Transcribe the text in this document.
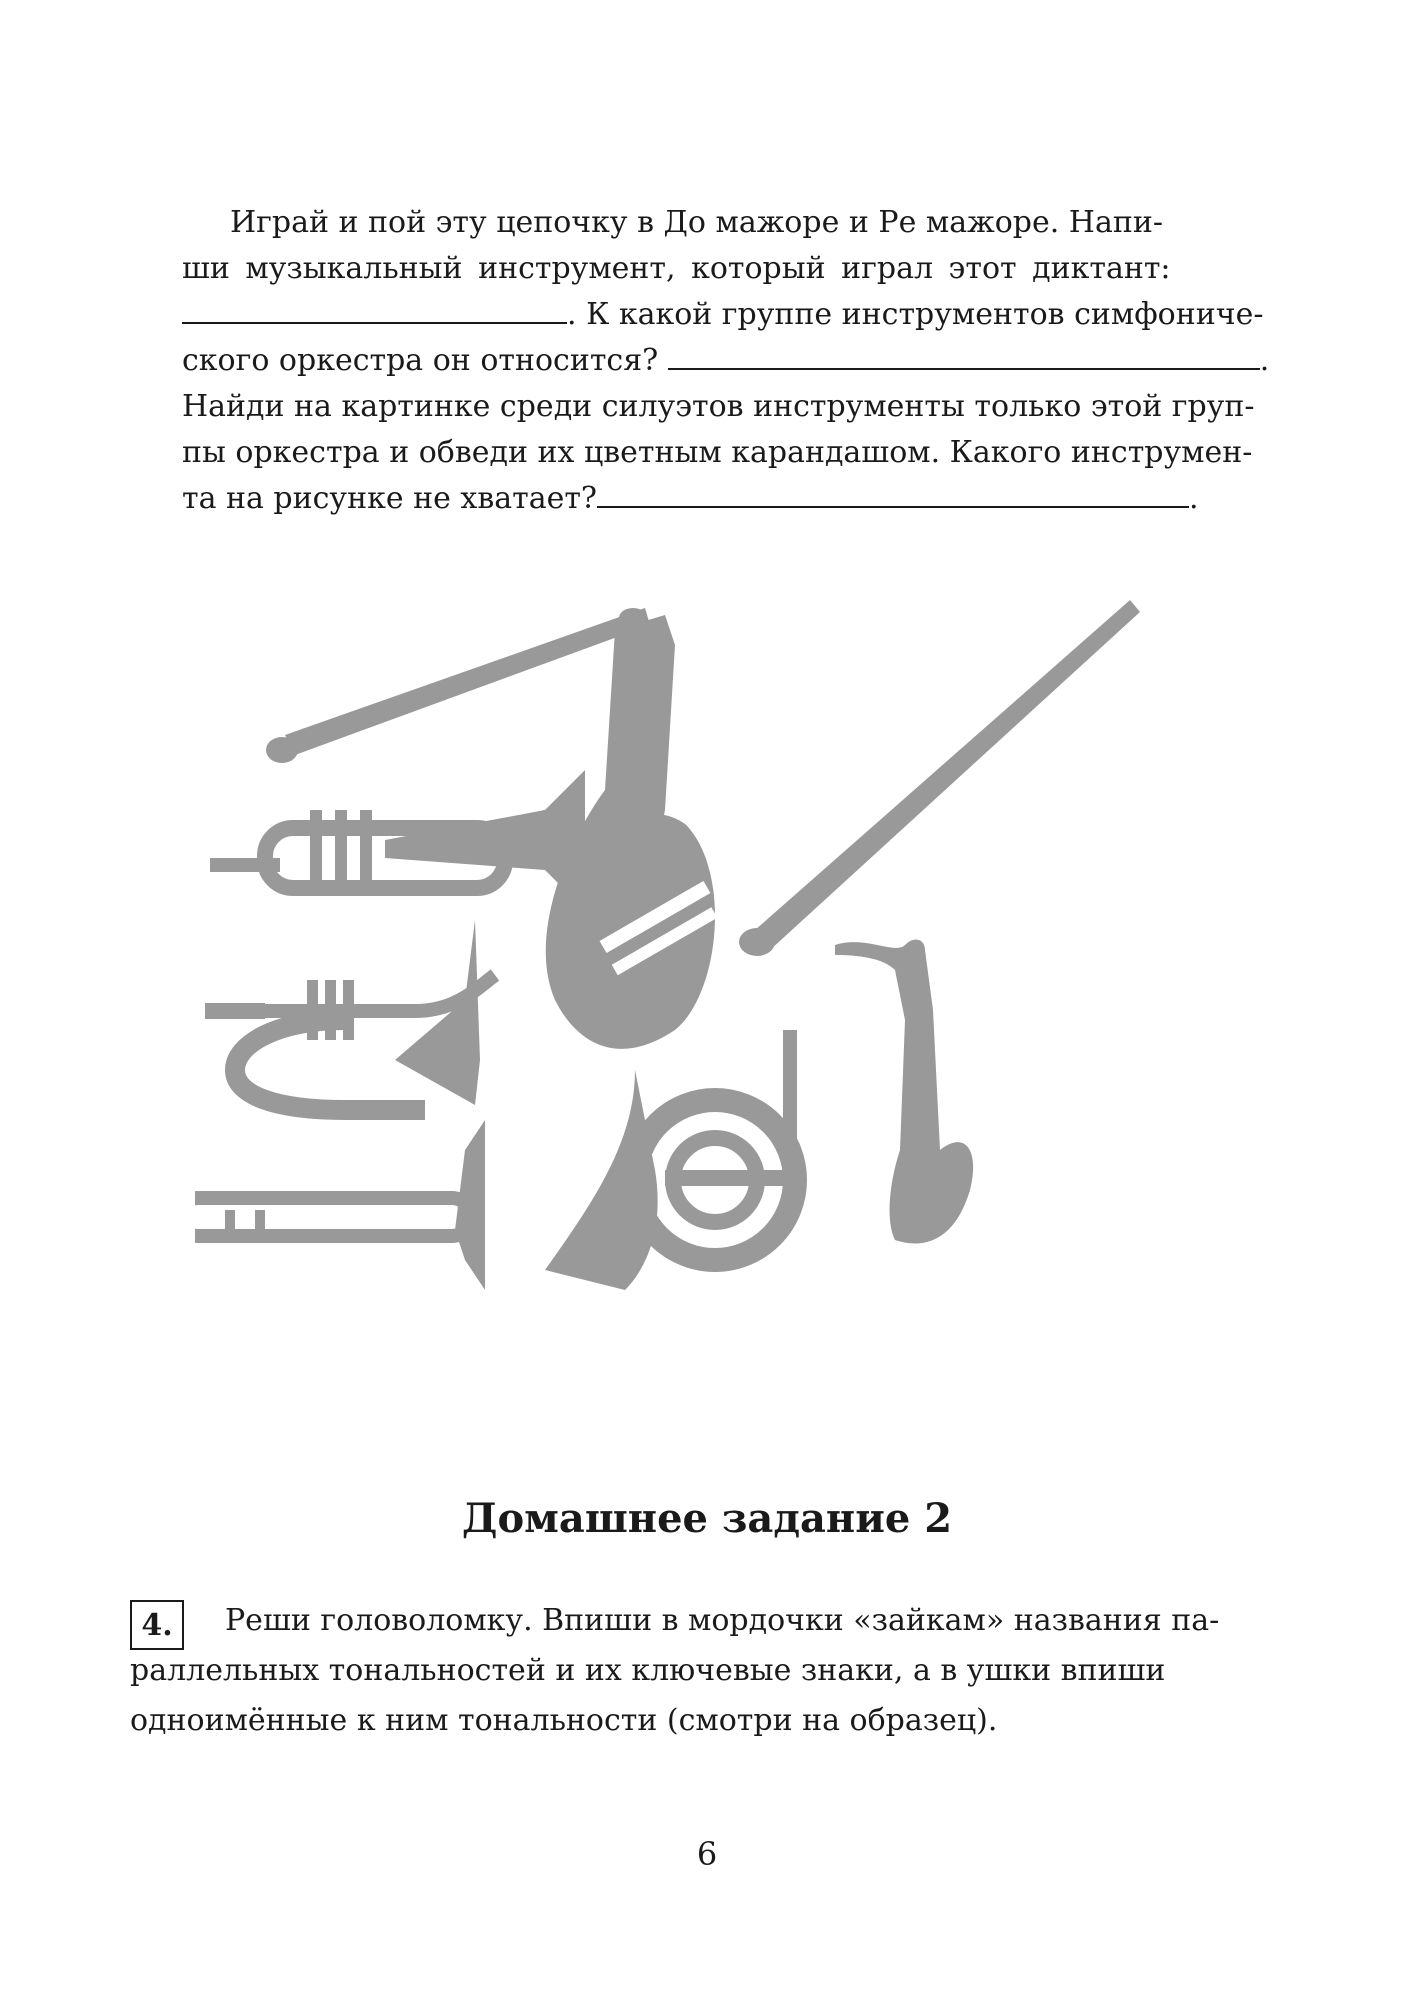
Играй и пой эту цепочку в До мажоре и Ре мажоре. Напи-
ши музыкальный инструмент, который играл этот диктант:
. К какой группе инструментов симфониче-
ского оркестра он относится?	.
Найди на картинке среди силуэтов инструменты только этой груп-
пы оркестра и обведи их цветным карандашом. Какого инструмен-
та на рисунке не хватает?	.
Домашнее задание 2
4. Реши головоломку. Впиши в мордочки «зайкам» названия па-
раллельных тональностей и их ключевые знаки, а в ушки впиши
одноимённые к ним тональности (смотри на образец).
6
